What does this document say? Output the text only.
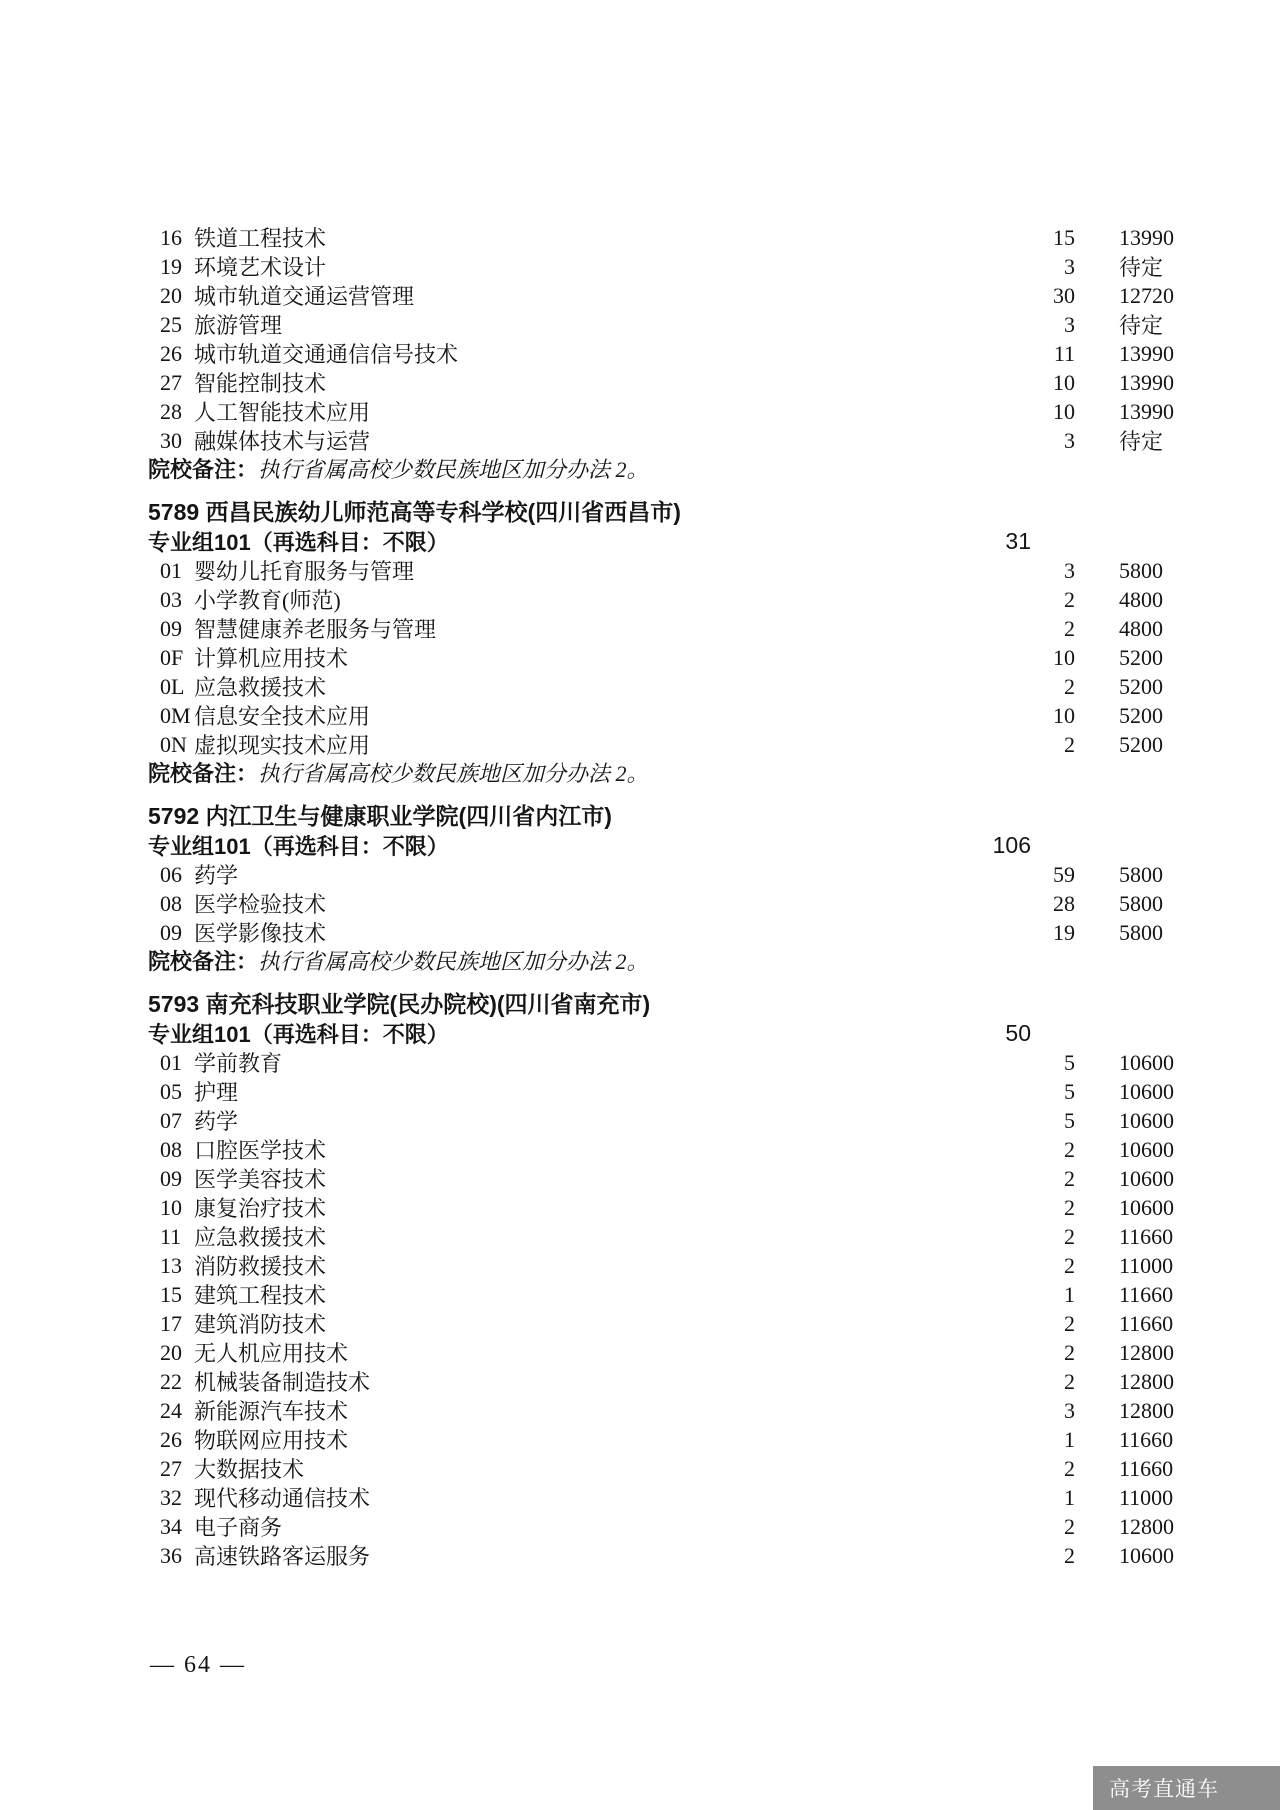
16 铁道工程技术	15 13990
19 环境艺术设计	3 待定
20 城市轨道交通运营管理	30 12720
25 旅游管理	3 待定
26 城市轨道交通通信信号技术	11 13990
27 智能控制技术	10 13990
28 人工智能技术应用	10 13990
30 融媒体技术与运营	3 待定
院校备注：执行省属高校少数民族地区加分办法 2。
5789 西昌民族幼儿师范高等专科学校(四川省西昌市)
专业组101（再选科目：不限）	31
01 婴幼儿托育服务与管理	3 5800
03 小学教育(师范)	2 4800
09 智慧健康养老服务与管理	2 4800
0F 计算机应用技术	10 5200
0L 应急救援技术	2 5200
0M 信息安全技术应用	10 5200
0N 虚拟现实技术应用	2 5200
院校备注：执行省属高校少数民族地区加分办法 2。
5792 内江卫生与健康职业学院(四川省内江市)
专业组101（再选科目：不限）	106
06 药学	59 5800
08 医学检验技术	28 5800
09 医学影像技术	19 5800
院校备注：执行省属高校少数民族地区加分办法 2。
5793 南充科技职业学院(民办院校)(四川省南充市)
专业组101（再选科目：不限）	50
01 学前教育	5 10600
05 护理	5 10600
07 药学	5 10600
08 口腔医学技术	2 10600
09 医学美容技术	2 10600
10 康复治疗技术	2 10600
11 应急救援技术	2 11660
13 消防救援技术	2 11000
15 建筑工程技术	1 11660
17 建筑消防技术	2 11660
20 无人机应用技术	2 12800
22 机械装备制造技术	2 12800
24 新能源汽车技术	3 12800
26 物联网应用技术	1 11660
27 大数据技术	2 11660
32 现代移动通信技术	1 11000
34 电子商务	2 12800
36 高速铁路客运服务	2 10600
— 64 —
高考直通车
